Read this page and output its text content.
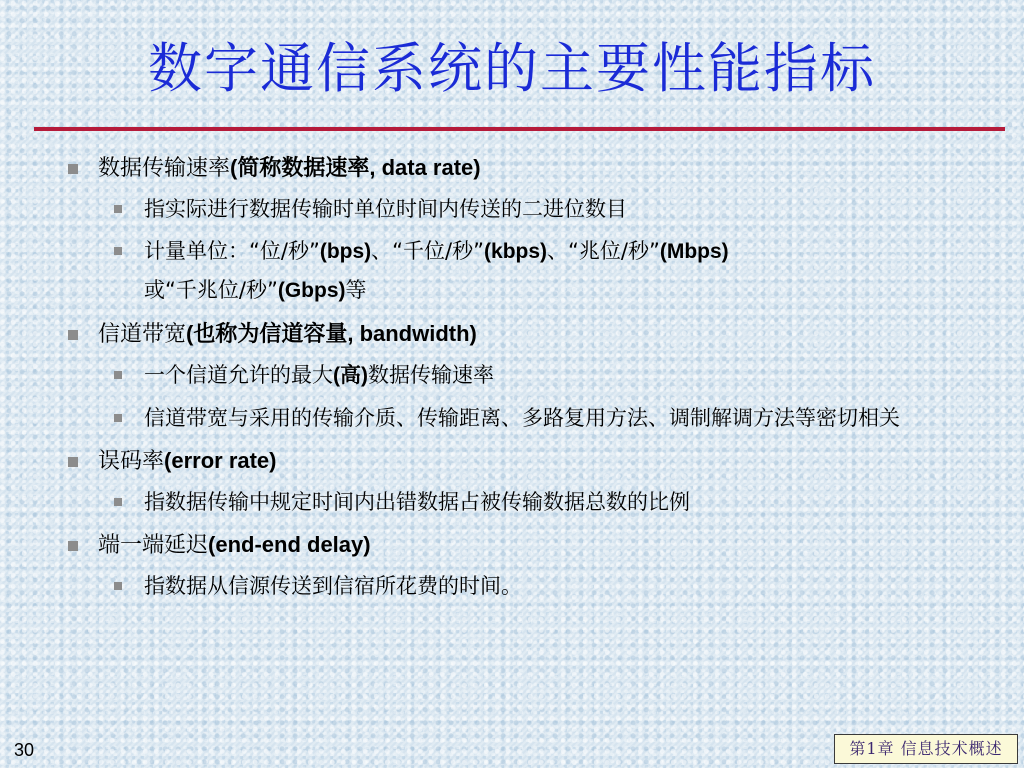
数字通信系统的主要性能指标
数据传输速率(简称数据速率, data rate)
指实际进行数据传输时单位时间内传送的二进位数目
计量单位：“位/秒”(bps)、“千位/秒”(kbps)、“兆位/秒”(Mbps)
或“千兆位/秒”(Gbps)等
信道带宽(也称为信道容量, bandwidth)
一个信道允许的最大(高)数据传输速率
信道带宽与采用的传输介质、传输距离、多路复用方法、调制解调方法等密切相关
误码率(error rate)
指数据传输中规定时间内出错数据占被传输数据总数的比例
端一端延迟(end-end delay)
指数据从信源传送到信宿所花费的时间。
30	第1章 信息技术概述
